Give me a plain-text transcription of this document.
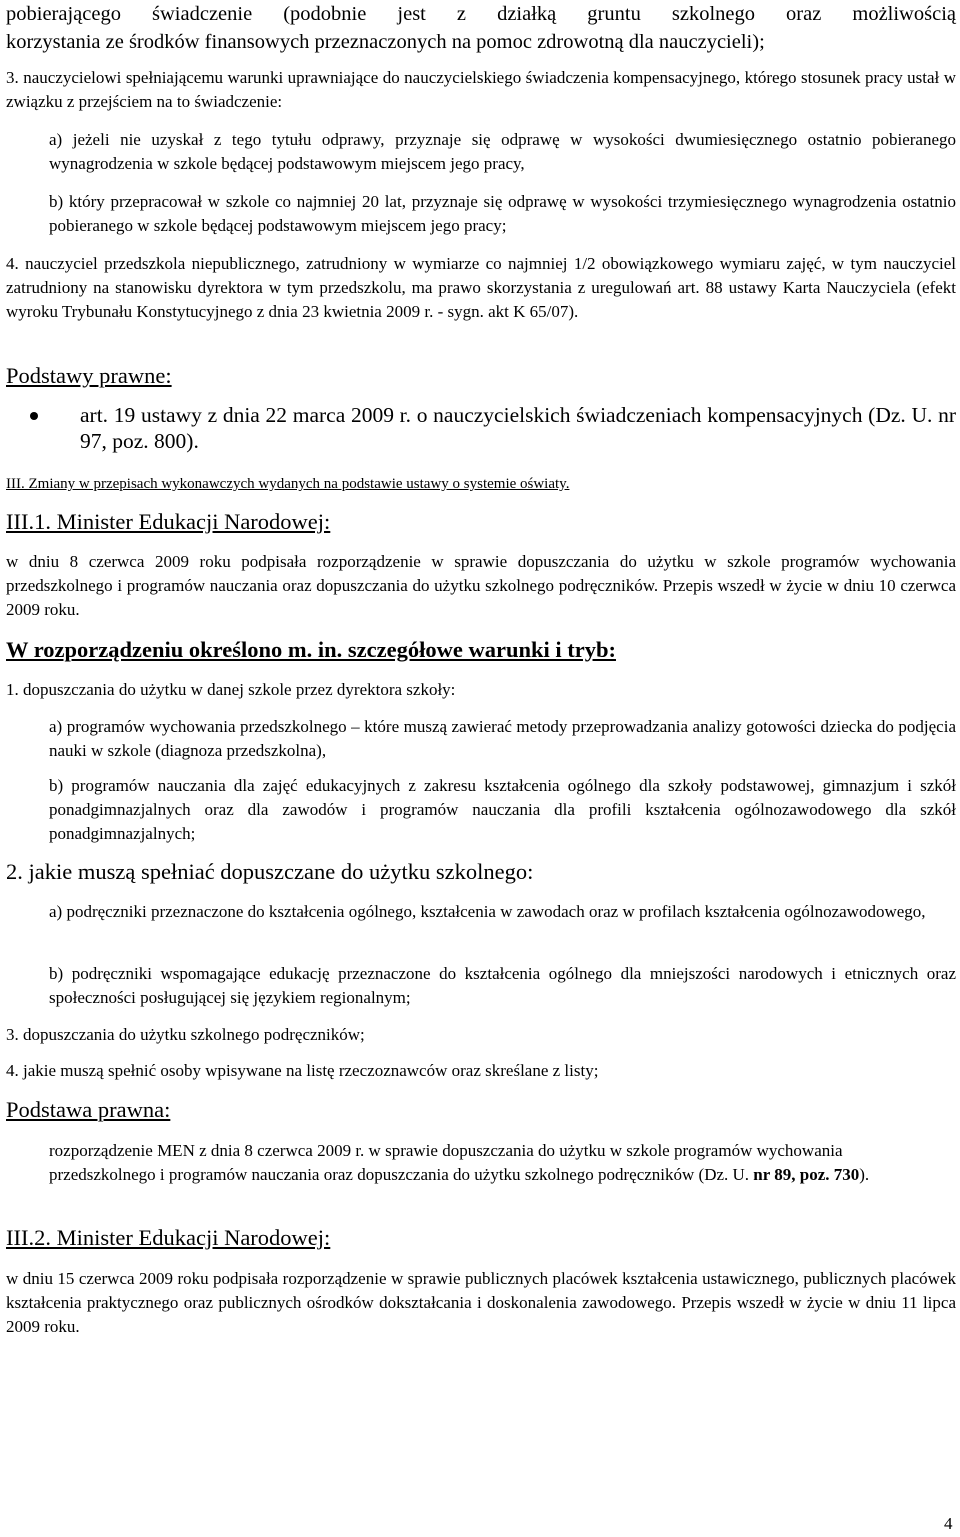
pobierającego świadczenie (podobnie jest z działką gruntu szkolnego oraz możliwością

korzystania ze środków finansowych przeznaczonych na pomoc zdrowotną dla nauczycieli);

3. nauczycielowi spełniającemu warunki uprawniające do nauczycielskiego świadczenia kompensacyjnego, którego stosunek pracy ustał w związku z przejściem na to świadczenie:

a) jeżeli nie uzyskał z tego tytułu odprawy, przyznaje się odprawę w wysokości dwumiesięcznego ostatnio pobieranego wynagrodzenia w szkole będącej podstawowym miejscem jego pracy,

b) który przepracował w szkole co najmniej 20 lat, przyznaje się odprawę w wysokości trzymiesięcznego wynagrodzenia ostatnio pobieranego w szkole będącej podstawowym miejscem jego pracy;

4. nauczyciel przedszkola niepublicznego, zatrudniony w wymiarze co najmniej 1/2 obowiązkowego wymiaru zajęć, w tym nauczyciel zatrudniony na stanowisku dyrektora w tym przedszkolu, ma prawo skorzystania z uregulowań art. 88 ustawy Karta Nauczyciela (efekt wyroku Trybunału Konstytucyjnego z dnia 23 kwietnia 2009 r. - sygn. akt K 65/07).

Podstawy prawne:

art. 19 ustawy z dnia 22 marca 2009 r. o nauczycielskich świadczeniach kompensacyjnych (Dz. U. nr 97, poz. 800).

III. Zmiany w przepisach wykonawczych wydanych na podstawie ustawy o systemie oświaty.

III.1. Minister Edukacji Narodowej:

w dniu 8 czerwca 2009 roku podpisała rozporządzenie w sprawie dopuszczania do użytku w szkole programów wychowania przedszkolnego i programów nauczania oraz dopuszczania do użytku szkolnego podręczników. Przepis wszedł w życie w dniu 10 czerwca 2009 roku.

W rozporządzeniu określono m. in. szczegółowe warunki i tryb:

1. dopuszczania do użytku w danej szkole przez dyrektora szkoły:

a) programów wychowania przedszkolnego – które muszą zawierać metody przeprowadzania analizy gotowości dziecka do podjęcia nauki w szkole (diagnoza przedszkolna),

b) programów nauczania dla zajęć edukacyjnych z zakresu kształcenia ogólnego dla szkoły podstawowej, gimnazjum i szkół ponadgimnazjalnych oraz dla zawodów i programów nauczania dla profili kształcenia ogólnozawodowego dla szkół ponadgimnazjalnych;

2. jakie muszą spełniać dopuszczane do użytku szkolnego:

a) podręczniki przeznaczone do kształcenia ogólnego, kształcenia w zawodach oraz w profilach kształcenia ogólnozawodowego,

b) podręczniki wspomagające edukację przeznaczone do kształcenia ogólnego dla mniejszości narodowych i etnicznych oraz społeczności posługującej się językiem regionalnym;

3. dopuszczania do użytku szkolnego podręczników;

4. jakie muszą spełnić osoby wpisywane na listę rzeczoznawców oraz skreślane z listy;

Podstawa prawna:

rozporządzenie MEN z dnia 8 czerwca 2009 r. w sprawie dopuszczania do użytku w szkole programów wychowania przedszkolnego i programów nauczania oraz dopuszczania do użytku szkolnego podręczników (Dz. U. nr 89, poz. 730).

III.2. Minister Edukacji Narodowej:

w dniu 15 czerwca 2009 roku podpisała rozporządzenie w sprawie publicznych placówek kształcenia ustawicznego, publicznych placówek kształcenia praktycznego oraz publicznych ośrodków dokształcania i doskonalenia zawodowego. Przepis wszedł w życie w dniu 11 lipca 2009 roku.

4
